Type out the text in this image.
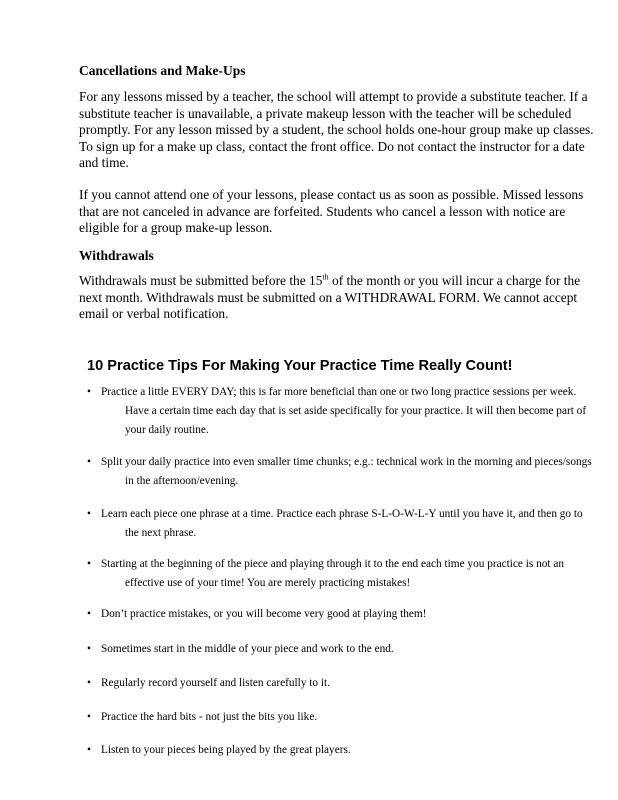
Cancellations and Make-Ups
For any lessons missed by a teacher, the school will attempt to provide a substitute teacher. If a substitute teacher is unavailable, a private makeup lesson with the teacher will be scheduled promptly. For any lesson missed by a student, the school holds one-hour group make up classes. To sign up for a make up class, contact the front office. Do not contact the instructor for a date and time.
If you cannot attend one of your lessons, please contact us as soon as possible. Missed lessons that are not canceled in advance are forfeited. Students who cancel a lesson with notice are eligible for a group make-up lesson.
Withdrawals
Withdrawals must be submitted before the 15th of the month or you will incur a charge for the next month. Withdrawals must be submitted on a WITHDRAWAL FORM. We cannot accept email or verbal notification.
10 Practice Tips For Making Your Practice Time Really Count!
• Practice a little EVERY DAY; this is far more beneficial than one or two long practice sessions per week. Have a certain time each day that is set aside specifically for your practice. It will then become part of your daily routine.
• Split your daily practice into even smaller time chunks; e.g.: technical work in the morning and pieces/songs in the afternoon/evening.
• Learn each piece one phrase at a time. Practice each phrase S-L-O-W-L-Y until you have it, and then go to the next phrase.
• Starting at the beginning of the piece and playing through it to the end each time you practice is not an effective use of your time! You are merely practicing mistakes!
• Don’t practice mistakes, or you will become very good at playing them!
• Sometimes start in the middle of your piece and work to the end.
• Regularly record yourself and listen carefully to it.
• Practice the hard bits - not just the bits you like.
• Listen to your pieces being played by the great players.
